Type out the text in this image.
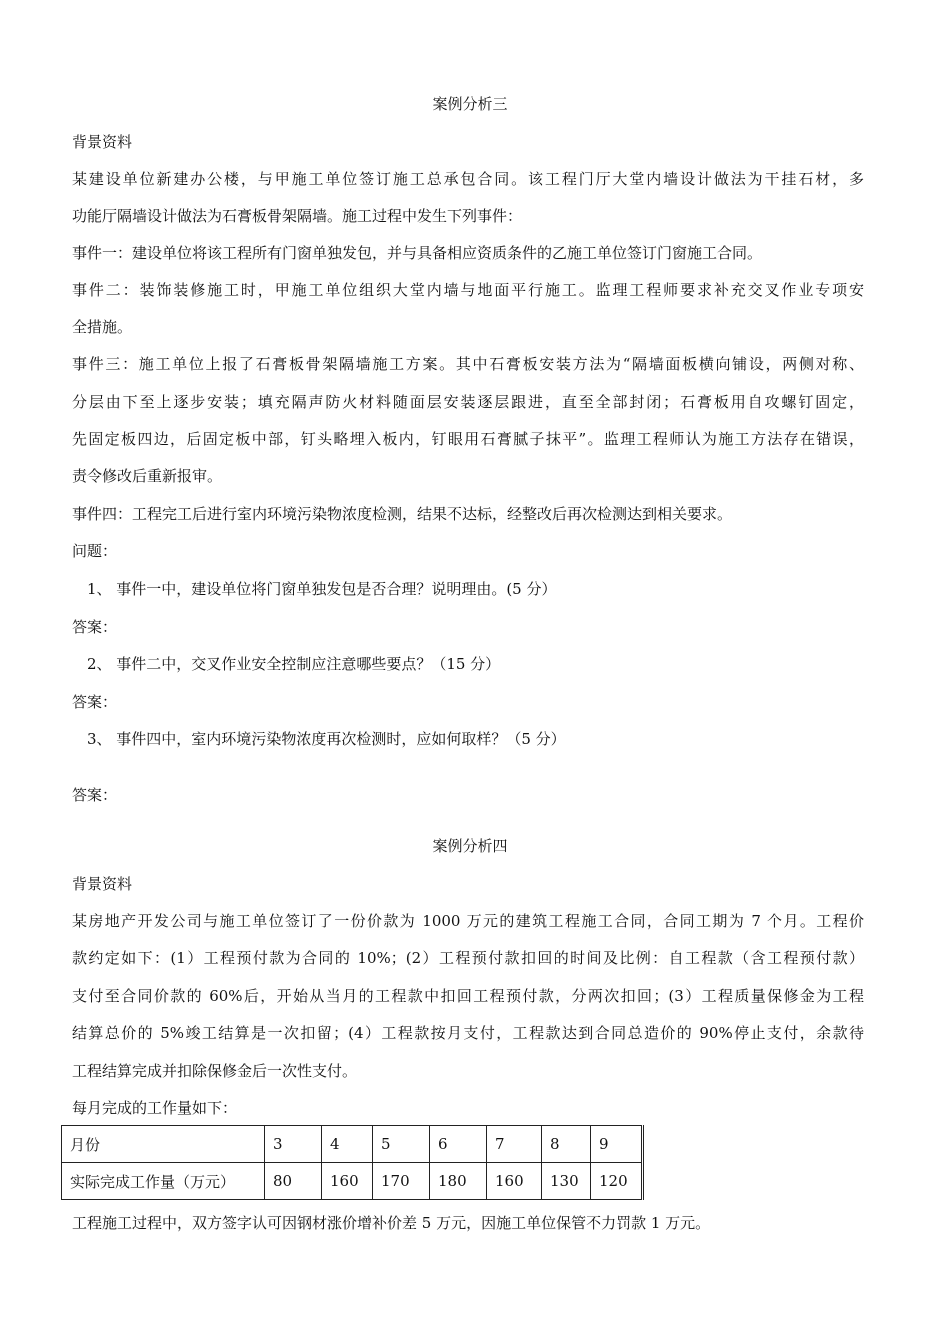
案例分析三
背景资料
某建设单位新建办公楼，与甲施工单位签订施工总承包合同。该工程门厅大堂内墙设计做法为干挂石材，多
功能厅隔墙设计做法为石膏板骨架隔墙。施工过程中发生下列事件：
事件一：建设单位将该工程所有门窗单独发包，并与具备相应资质条件的乙施工单位签订门窗施工合同。
事件二：装饰装修施工时，甲施工单位组织大堂内墙与地面平行施工。监理工程师要求补充交叉作业专项安
全措施。
事件三：施工单位上报了石膏板骨架隔墙施工方案。其中石膏板安装方法为“隔墙面板横向铺设，两侧对称、
分层由下至上逐步安装；填充隔声防火材料随面层安装逐层跟进，直至全部封闭；石膏板用自攻螺钉固定，
先固定板四边，后固定板中部，钉头略埋入板内，钉眼用石膏腻子抹平”。监理工程师认为施工方法存在错误，
责令修改后重新报审。
事件四：工程完工后进行室内环境污染物浓度检测，结果不达标，经整改后再次检测达到相关要求。
问题：
1、 事件一中，建设单位将门窗单独发包是否合理？说明理由。(5 分）
答案：
2、 事件二中，交叉作业安全控制应注意哪些要点？（15 分）
答案：
3、 事件四中，室内环境污染物浓度再次检测时，应如何取样？（5 分）
答案：
案例分析四
背景资料
某房地产开发公司与施工单位签订了一份价款为 1000 万元的建筑工程施工合同，合同工期为 7 个月。工程价
款约定如下：(1）工程预付款为合同的 10%；(2）工程预付款扣回的时间及比例：自工程款（含工程预付款）
支付至合同价款的 60%后，开始从当月的工程款中扣回工程预付款，分两次扣回；(3）工程质量保修金为工程
结算总价的 5%竣工结算是一次扣留；(4）工程款按月支付，工程款达到合同总造价的 90%停止支付，余款待
工程结算完成并扣除保修金后一次性支付。
每月完成的工作量如下：
月份	3	4	5	6	7	8	9
实际完成工作量（万元）	80	160	170	180	160	130	120
工程施工过程中，双方签字认可因钢材涨价增补价差 5 万元，因施工单位保管不力罚款 1 万元。
